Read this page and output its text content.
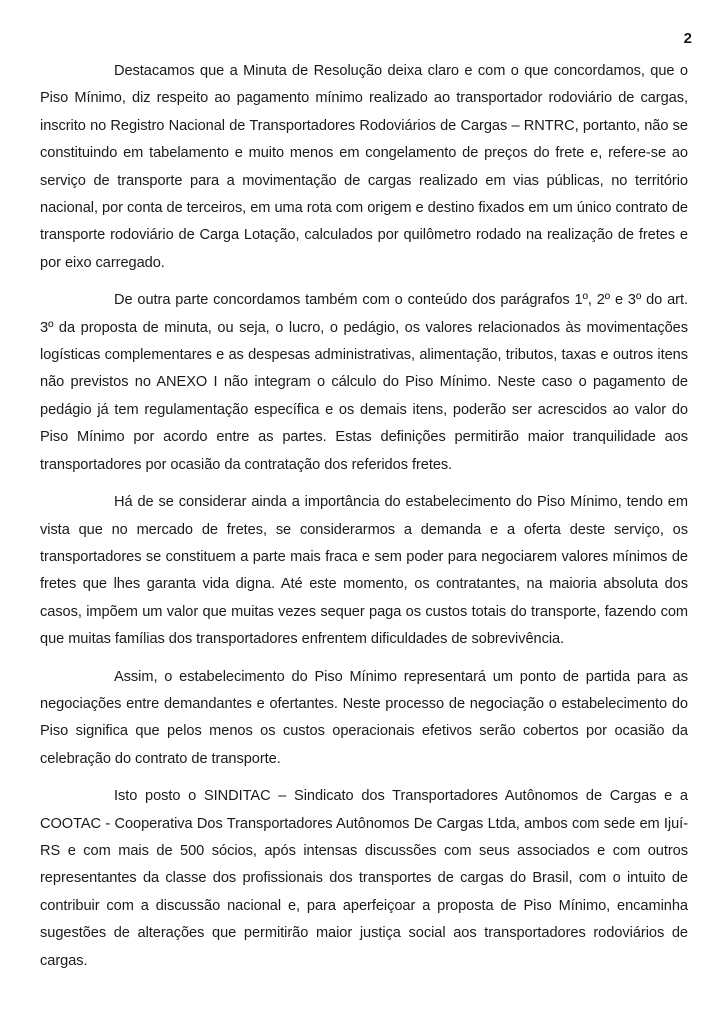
2

Destacamos que a Minuta de Resolução deixa claro e com o que concordamos, que o Piso Mínimo, diz respeito ao pagamento mínimo realizado ao transportador rodoviário de cargas, inscrito no Registro Nacional de Transportadores Rodoviários de Cargas – RNTRC, portanto, não se constituindo em tabelamento e muito menos em congelamento de preços do frete e, refere-se ao serviço de transporte para a movimentação de cargas realizado em vias públicas, no território nacional, por conta de terceiros, em uma rota com origem e destino fixados em um único contrato de transporte rodoviário de Carga Lotação, calculados por quilômetro rodado na realização de fretes e por eixo carregado.

De outra parte concordamos também com o conteúdo dos parágrafos 1º, 2º e 3º do art. 3º da proposta de minuta, ou seja, o lucro, o pedágio, os valores relacionados às movimentações logísticas complementares e as despesas administrativas, alimentação, tributos, taxas e outros itens não previstos no ANEXO I não integram o cálculo do Piso Mínimo. Neste caso o pagamento de pedágio já tem regulamentação específica e os demais itens, poderão ser acrescidos ao valor do Piso Mínimo por acordo entre as partes. Estas definições permitirão maior tranquilidade aos transportadores por ocasião da contratação dos referidos fretes.

Há de se considerar ainda a importância do estabelecimento do Piso Mínimo, tendo em vista que no mercado de fretes, se considerarmos a demanda e a oferta deste serviço, os transportadores se constituem a parte mais fraca e sem poder para negociarem valores mínimos de fretes que lhes garanta vida digna. Até este momento, os contratantes, na maioria absoluta dos casos, impõem um valor que muitas vezes sequer paga os custos totais do transporte, fazendo com que muitas famílias dos transportadores enfrentem dificuldades de sobrevivência.

Assim, o estabelecimento do Piso Mínimo representará um ponto de partida para as negociações entre demandantes e ofertantes. Neste processo de negociação o estabelecimento do Piso significa que pelos menos os custos operacionais efetivos serão cobertos por ocasião da celebração do contrato de transporte.

Isto posto o SINDITAC – Sindicato dos Transportadores Autônomos de Cargas e a COOTAC - Cooperativa Dos Transportadores Autônomos De Cargas Ltda, ambos com sede em Ijuí-RS e com mais de 500 sócios, após intensas discussões com seus associados e com outros representantes da classe dos profissionais dos transportes de cargas do Brasil, com o intuito de contribuir com a discussão nacional e, para aperfeiçoar a proposta de Piso Mínimo, encaminha sugestões de alterações que permitirão maior justiça social aos transportadores rodoviários de cargas.
